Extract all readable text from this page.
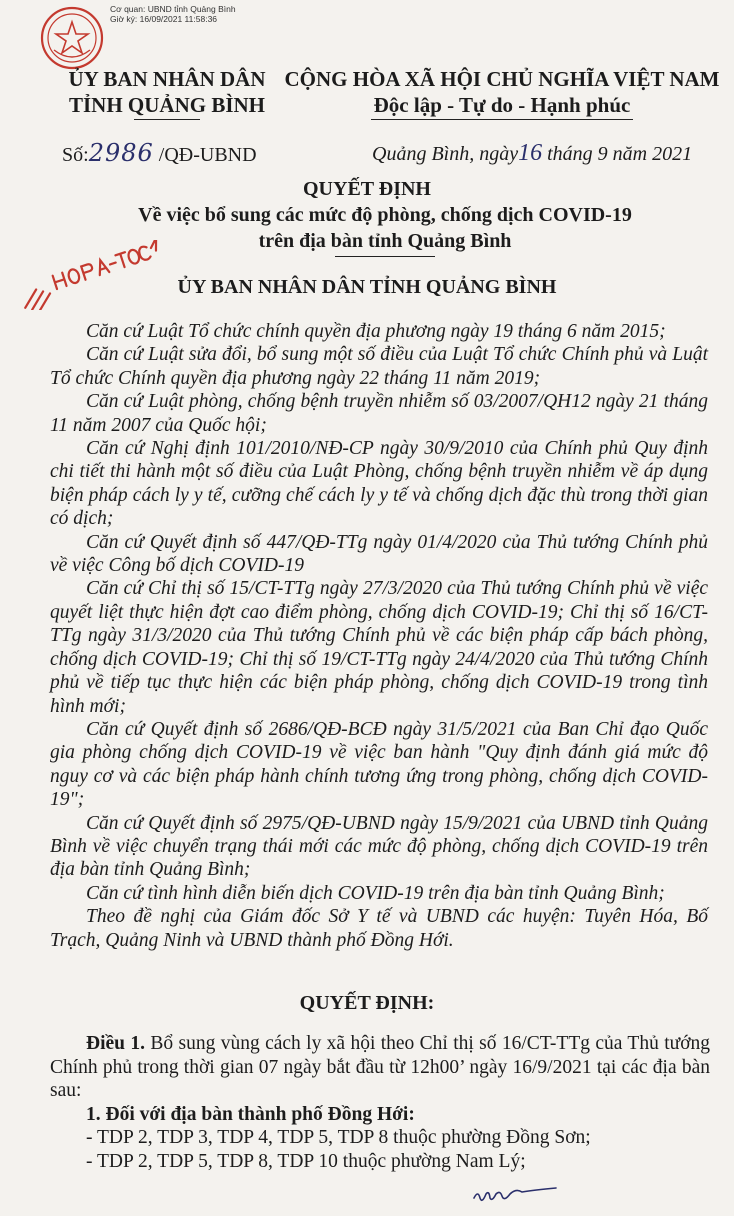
Cơ quan: UBND tỉnh Quảng Bình
Giờ ký: 16/09/2021 11:58:36
ỦY BAN NHÂN DÂN
TỈNH QUẢNG BÌNH
CỘNG HÒA XÃ HỘI CHỦ NGHĨA VIỆT NAM
Độc lập - Tự do - Hạnh phúc
Số:2986 /QĐ-UBND	Quảng Bình, ngày16 tháng 9 năm 2021
QUYẾT ĐỊNH
Về việc bổ sung các mức độ phòng, chống dịch COVID-19
trên địa bàn tỉnh Quảng Bình
ỦY BAN NHÂN DÂN TỈNH QUẢNG BÌNH

Căn cứ Luật Tổ chức chính quyền địa phương ngày 19 tháng 6 năm 2015;

Căn cứ Luật sửa đổi, bổ sung một số điều của Luật Tổ chức Chính phủ và Luật Tổ chức Chính quyền địa phương ngày 22 tháng 11 năm 2019;

Căn cứ Luật phòng, chống bệnh truyền nhiễm số 03/2007/QH12 ngày 21 tháng 11 năm 2007 của Quốc hội;

Căn cứ Nghị định 101/2010/NĐ-CP ngày 30/9/2010 của Chính phủ Quy định chi tiết thi hành một số điều của Luật Phòng, chống bệnh truyền nhiễm về áp dụng biện pháp cách ly y tế, cưỡng chế cách ly y tế và chống dịch đặc thù trong thời gian có dịch;

Căn cứ Quyết định số 447/QĐ-TTg ngày 01/4/2020 của Thủ tướng Chính phủ về việc Công bố dịch COVID-19

Căn cứ Chỉ thị số 15/CT-TTg ngày 27/3/2020 của Thủ tướng Chính phủ về việc quyết liệt thực hiện đợt cao điểm phòng, chống dịch COVID-19; Chỉ thị số 16/CT-TTg ngày 31/3/2020 của Thủ tướng Chính phủ về các biện pháp cấp bách phòng, chống dịch COVID-19; Chỉ thị số 19/CT-TTg ngày 24/4/2020 của Thủ tướng Chính phủ về tiếp tục thực hiện các biện pháp phòng, chống dịch COVID-19 trong tình hình mới;

Căn cứ Quyết định số 2686/QĐ-BCĐ ngày 31/5/2021 của Ban Chỉ đạo Quốc gia phòng chống dịch COVID-19 về việc ban hành "Quy định đánh giá mức độ nguy cơ và các biện pháp hành chính tương ứng trong phòng, chống dịch COVID-19";

Căn cứ Quyết định số 2975/QĐ-UBND ngày 15/9/2021 của UBND tỉnh Quảng Bình về việc chuyển trạng thái mới các mức độ phòng, chống dịch COVID-19 trên địa bàn tỉnh Quảng Bình;

Căn cứ tình hình diễn biến dịch COVID-19 trên địa bàn tỉnh Quảng Bình;

Theo đề nghị của Giám đốc Sở Y tế và UBND các huyện: Tuyên Hóa, Bố Trạch, Quảng Ninh và UBND thành phố Đồng Hới.

QUYẾT ĐỊNH:

Điều 1. Bổ sung vùng cách ly xã hội theo Chỉ thị số 16/CT-TTg của Thủ tướng Chính phủ trong thời gian 07 ngày bắt đầu từ 12h00’ ngày 16/9/2021 tại các địa bàn sau:

1. Đối với địa bàn thành phố Đồng Hới:

- TDP 2, TDP 3, TDP 4, TDP 5, TDP 8 thuộc phường Đồng Sơn;

- TDP 2, TDP 5, TDP 8, TDP 10 thuộc phường Nam Lý;
